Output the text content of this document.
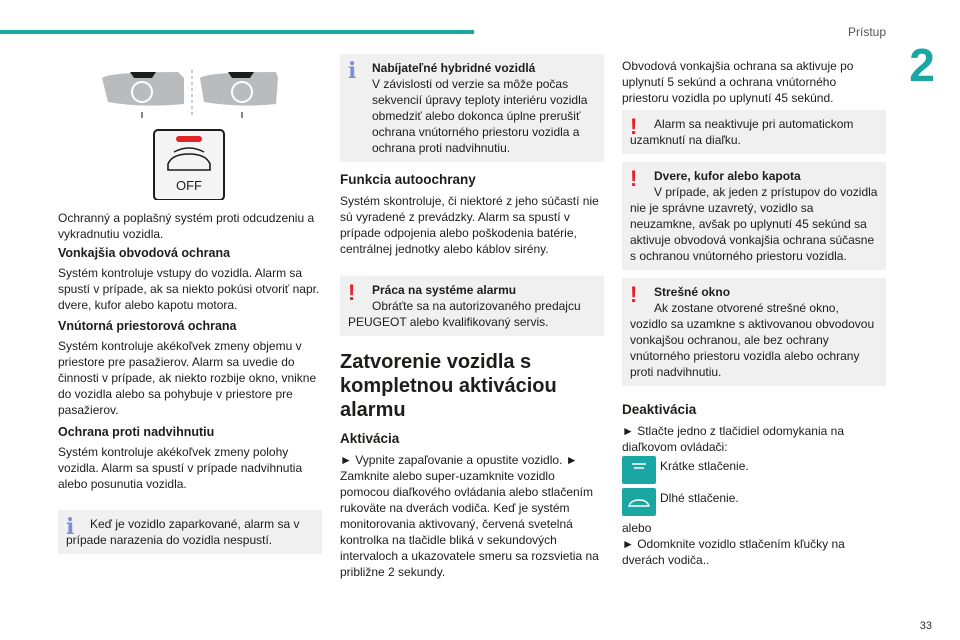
Prístup
2
33
OFF
Ochranný a poplašný systém proti odcudzeniu a vykradnutiu vozidla.
Vonkajšia obvodová ochrana
Systém kontroluje vstupy do vozidla. Alarm sa spustí v prípade, ak sa niekto pokúsi otvoriť napr. dvere, kufor alebo kapotu motora.
Vnútorná priestorová ochrana
Systém kontroluje akékoľvek zmeny objemu v priestore pre pasažierov. Alarm sa uvedie do činnosti v prípade, ak niekto rozbije okno, vnikne do vozidla alebo sa pohybuje v priestore pre pasažierov.
Ochrana proti nadvihnutiu
Systém kontroluje akékoľvek zmeny polohy vozidla. Alarm sa spustí v prípade nadvihnutia alebo posunutia vozidla.
i	Keď je vozidlo zaparkované, alarm sa v prípade narazenia do vozidla nespustí.
i	Nabíjateľné hybridné vozidlá
V závislosti od verzie sa môže počas sekvencií úpravy teploty interiéru vozidla obmedziť alebo dokonca úplne prerušiť ochrana vnútorného priestoru vozidla a ochrana proti nadvihnutiu.
Funkcia autoochrany
Systém skontroluje, či niektoré z jeho súčastí nie sú vyradené z prevádzky. Alarm sa spustí v prípade odpojenia alebo poškodenia batérie, centrálnej jednotky alebo káblov sirény.
!	Práca na systéme alarmu
Obráťte sa na autorizovaného predajcu PEUGEOT alebo kvalifikovaný servis.
Zatvorenie vozidla s kompletnou aktiváciou alarmu
Aktivácia
► Vypnite zapaľovanie a opustite vozidlo. ► Zamknite alebo super-uzamknite vozidlo pomocou diaľkového ovládania alebo stlačením rukoväte na dverách vodiča. Keď je systém monitorovania aktivovaný, červená svetelná kontrolka na tlačidle bliká v sekundových intervaloch a ukazovatele smeru sa rozsvietia na približne 2 sekundy.
Obvodová vonkajšia ochrana sa aktivuje po uplynutí 5 sekúnd a ochrana vnútorného priestoru vozidla po uplynutí 45 sekúnd.
!	Alarm sa neaktivuje pri automatickom uzamknutí na diaľku.
!	Dvere, kufor alebo kapota
V prípade, ak jeden z prístupov do vozidla nie je správne uzavretý, vozidlo sa neuzamkne, avšak po uplynutí 45 sekúnd sa aktivuje obvodová vonkajšia ochrana súčasne s ochranou vnútorného priestoru vozidla.
!	Strešné okno
Ak zostane otvorené strešné okno, vozidlo sa uzamkne s aktivovanou obvodovou vonkajšou ochranou, ale bez ochrany vnútorného priestoru vozidla alebo ochrany proti nadvihnutiu.
Deaktivácia
► Stlačte jedno z tlačidiel odomykania na diaľkovom ovládači:
Krátke stlačenie.
Dlhé stlačenie.
alebo
► Odomknite vozidlo stlačením kľučky na dverách vodiča..
